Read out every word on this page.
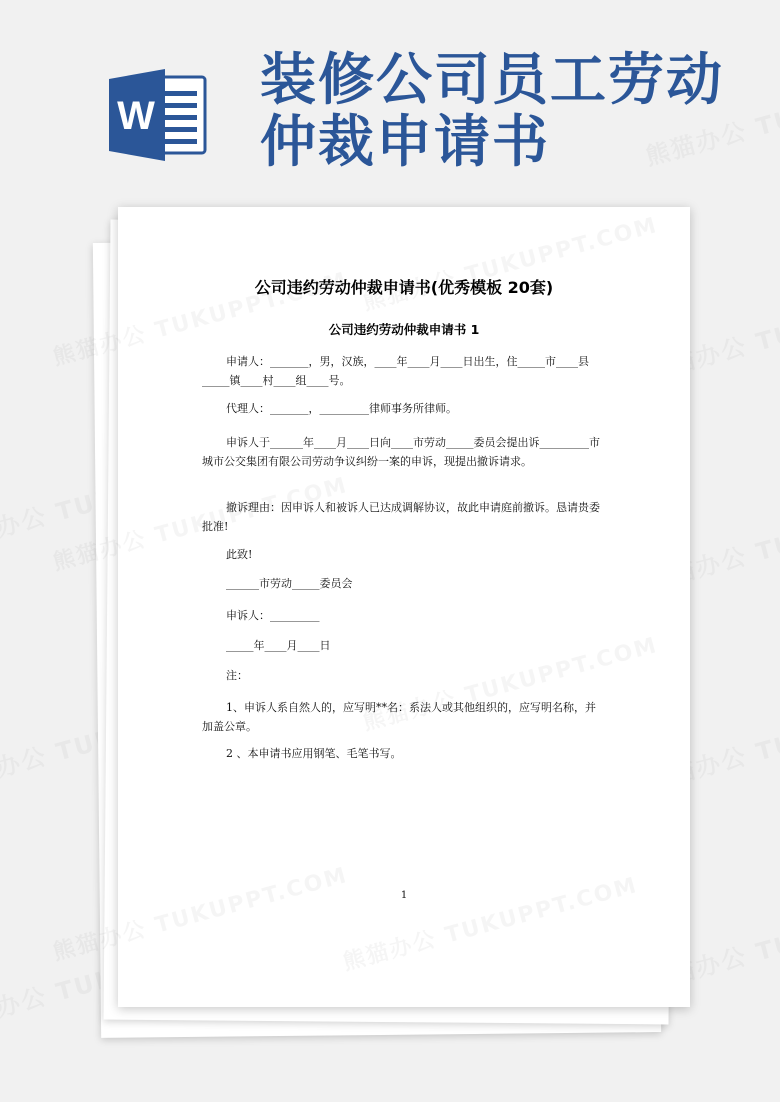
W
装修公司员工劳动
仲裁申请书
公司违约劳动仲裁申请书(优秀模板 20套)
公司违约劳动仲裁申请书 1

申请人：_______，男，汉族，____年____月____日出生，住_____市____县_____镇____村____组____号。

代理人：_______，_________律师事务所律师。

申诉人于______年____月____日向____市劳动_____委员会提出诉_________市城市公交集团有限公司劳动争议纠纷一案的申诉，现提出撤诉请求。

撤诉理由：因申诉人和被诉人已达成调解协议，故此申请庭前撤诉。恳请贵委批准!

此致!

______市劳动_____委员会

申诉人：_________

_____年____月____日

注：

1、申诉人系自然人的，应写明**名：系法人或其他组织的，应写明名称，并加盖公章。

2 、本申请书应用钢笔、毛笔书写。

1
